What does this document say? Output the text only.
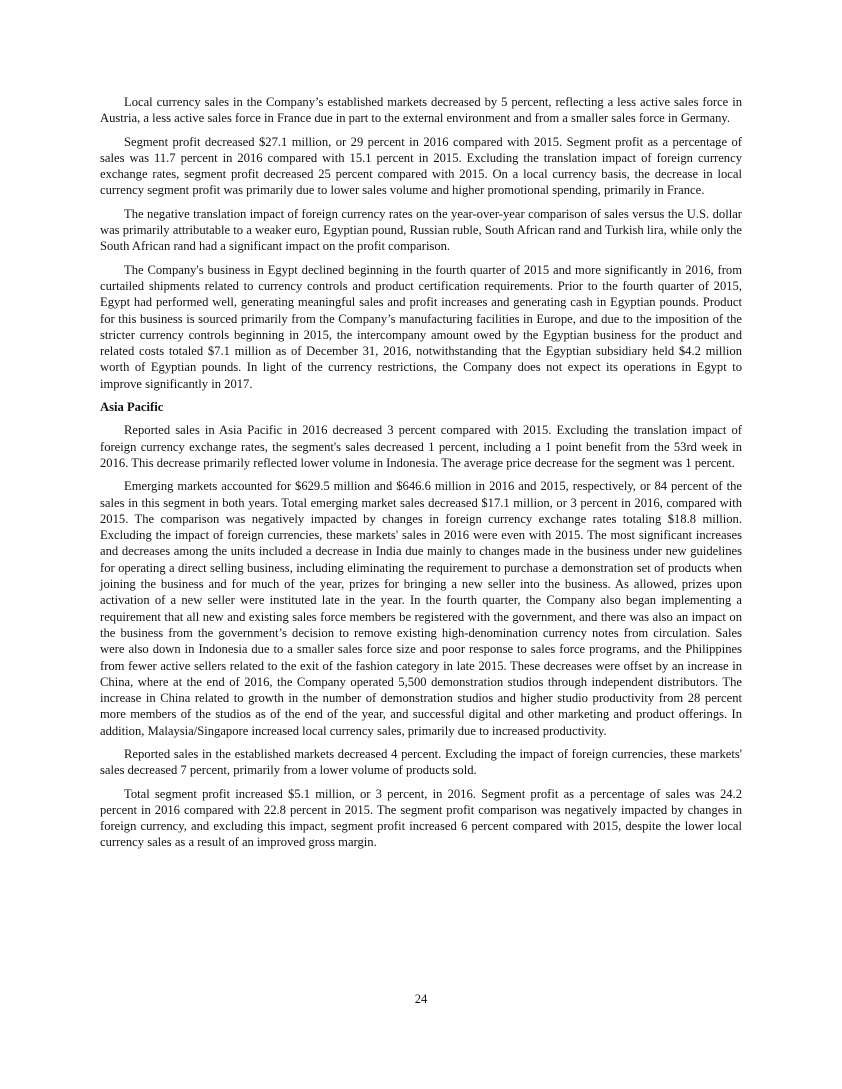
Local currency sales in the Company’s established markets decreased by 5 percent, reflecting a less active sales force in Austria, a less active sales force in France due in part to the external environment and from a smaller sales force in Germany.

Segment profit decreased $27.1 million, or 29 percent in 2016 compared with 2015. Segment profit as a percentage of sales was 11.7 percent in 2016 compared with 15.1 percent in 2015. Excluding the translation impact of foreign currency exchange rates, segment profit decreased 25 percent compared with 2015. On a local currency basis, the decrease in local currency segment profit was primarily due to lower sales volume and higher promotional spending, primarily in France.

The negative translation impact of foreign currency rates on the year-over-year comparison of sales versus the U.S. dollar was primarily attributable to a weaker euro, Egyptian pound, Russian ruble, South African rand and Turkish lira, while only the South African rand had a significant impact on the profit comparison.

The Company's business in Egypt declined beginning in the fourth quarter of 2015 and more significantly in 2016, from curtailed shipments related to currency controls and product certification requirements. Prior to the fourth quarter of 2015, Egypt had performed well, generating meaningful sales and profit increases and generating cash in Egyptian pounds. Product for this business is sourced primarily from the Company’s manufacturing facilities in Europe, and due to the imposition of the stricter currency controls beginning in 2015, the intercompany amount owed by the Egyptian business for the product and related costs totaled $7.1 million as of December 31, 2016, notwithstanding that the Egyptian subsidiary held $4.2 million worth of Egyptian pounds. In light of the currency restrictions, the Company does not expect its operations in Egypt to improve significantly in 2017.

Asia Pacific

Reported sales in Asia Pacific in 2016 decreased 3 percent compared with 2015. Excluding the translation impact of foreign currency exchange rates, the segment's sales decreased 1 percent, including a 1 point benefit from the 53rd week in 2016. This decrease primarily reflected lower volume in Indonesia. The average price decrease for the segment was 1 percent.

Emerging markets accounted for $629.5 million and $646.6 million in 2016 and 2015, respectively, or 84 percent of the sales in this segment in both years. Total emerging market sales decreased $17.1 million, or 3 percent in 2016, compared with 2015. The comparison was negatively impacted by changes in foreign currency exchange rates totaling $18.8 million. Excluding the impact of foreign currencies, these markets' sales in 2016 were even with 2015. The most significant increases and decreases among the units included a decrease in India due mainly to changes made in the business under new guidelines for operating a direct selling business, including eliminating the requirement to purchase a demonstration set of products when joining the business and for much of the year, prizes for bringing a new seller into the business. As allowed, prizes upon activation of a new seller were instituted late in the year. In the fourth quarter, the Company also began implementing a requirement that all new and existing sales force members be registered with the government, and there was also an impact on the business from the government’s decision to remove existing high-denomination currency notes from circulation. Sales were also down in Indonesia due to a smaller sales force size and poor response to sales force programs, and the Philippines from fewer active sellers related to the exit of the fashion category in late 2015. These decreases were offset by an increase in China, where at the end of 2016, the Company operated 5,500 demonstration studios through independent distributors. The increase in China related to growth in the number of demonstration studios and higher studio productivity from 28 percent more members of the studios as of the end of the year, and successful digital and other marketing and product offerings. In addition, Malaysia/Singapore increased local currency sales, primarily due to increased productivity.

Reported sales in the established markets decreased 4 percent. Excluding the impact of foreign currencies, these markets' sales decreased 7 percent, primarily from a lower volume of products sold.

Total segment profit increased $5.1 million, or 3 percent, in 2016. Segment profit as a percentage of sales was 24.2 percent in 2016 compared with 22.8 percent in 2015. The segment profit comparison was negatively impacted by changes in foreign currency, and excluding this impact, segment profit increased 6 percent compared with 2015, despite the lower local currency sales as a result of an improved gross margin.

24
